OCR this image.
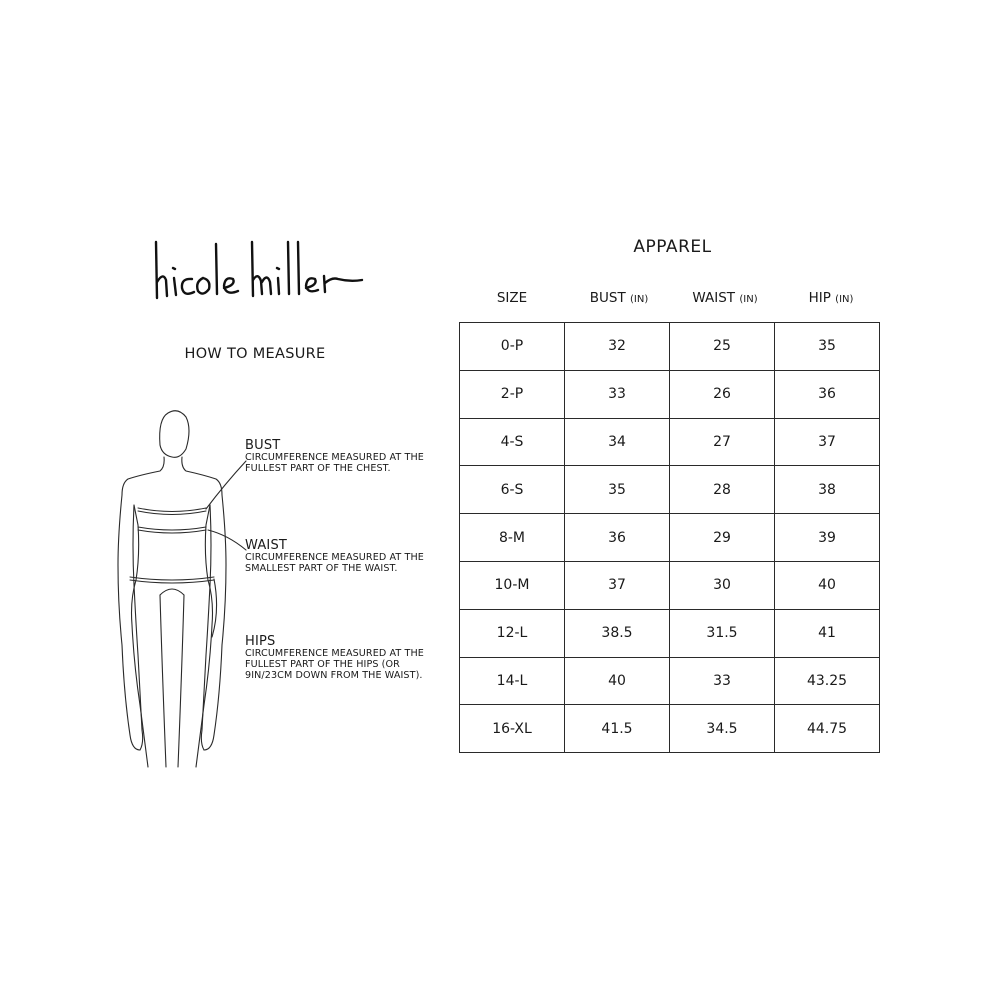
HOW TO MEASURE
BUST
CIRCUMFERENCE MEASURED AT THE FULLEST PART OF THE CHEST.
WAIST
CIRCUMFERENCE MEASURED AT THE SMALLEST PART OF THE WAIST.
HIPS
CIRCUMFERENCE MEASURED AT THE FULLEST PART OF THE HIPS (OR 9IN/23CM DOWN FROM THE WAIST).
APPAREL
SIZE	BUST (IN)	WAIST (IN)	HIP (IN)
0-P	32	25	35
2-P	33	26	36
4-S	34	27	37
6-S	35	28	38
8-M	36	29	39
10-M	37	30	40
12-L	38.5	31.5	41
14-L	40	33	43.25
16-XL	41.5	34.5	44.75
